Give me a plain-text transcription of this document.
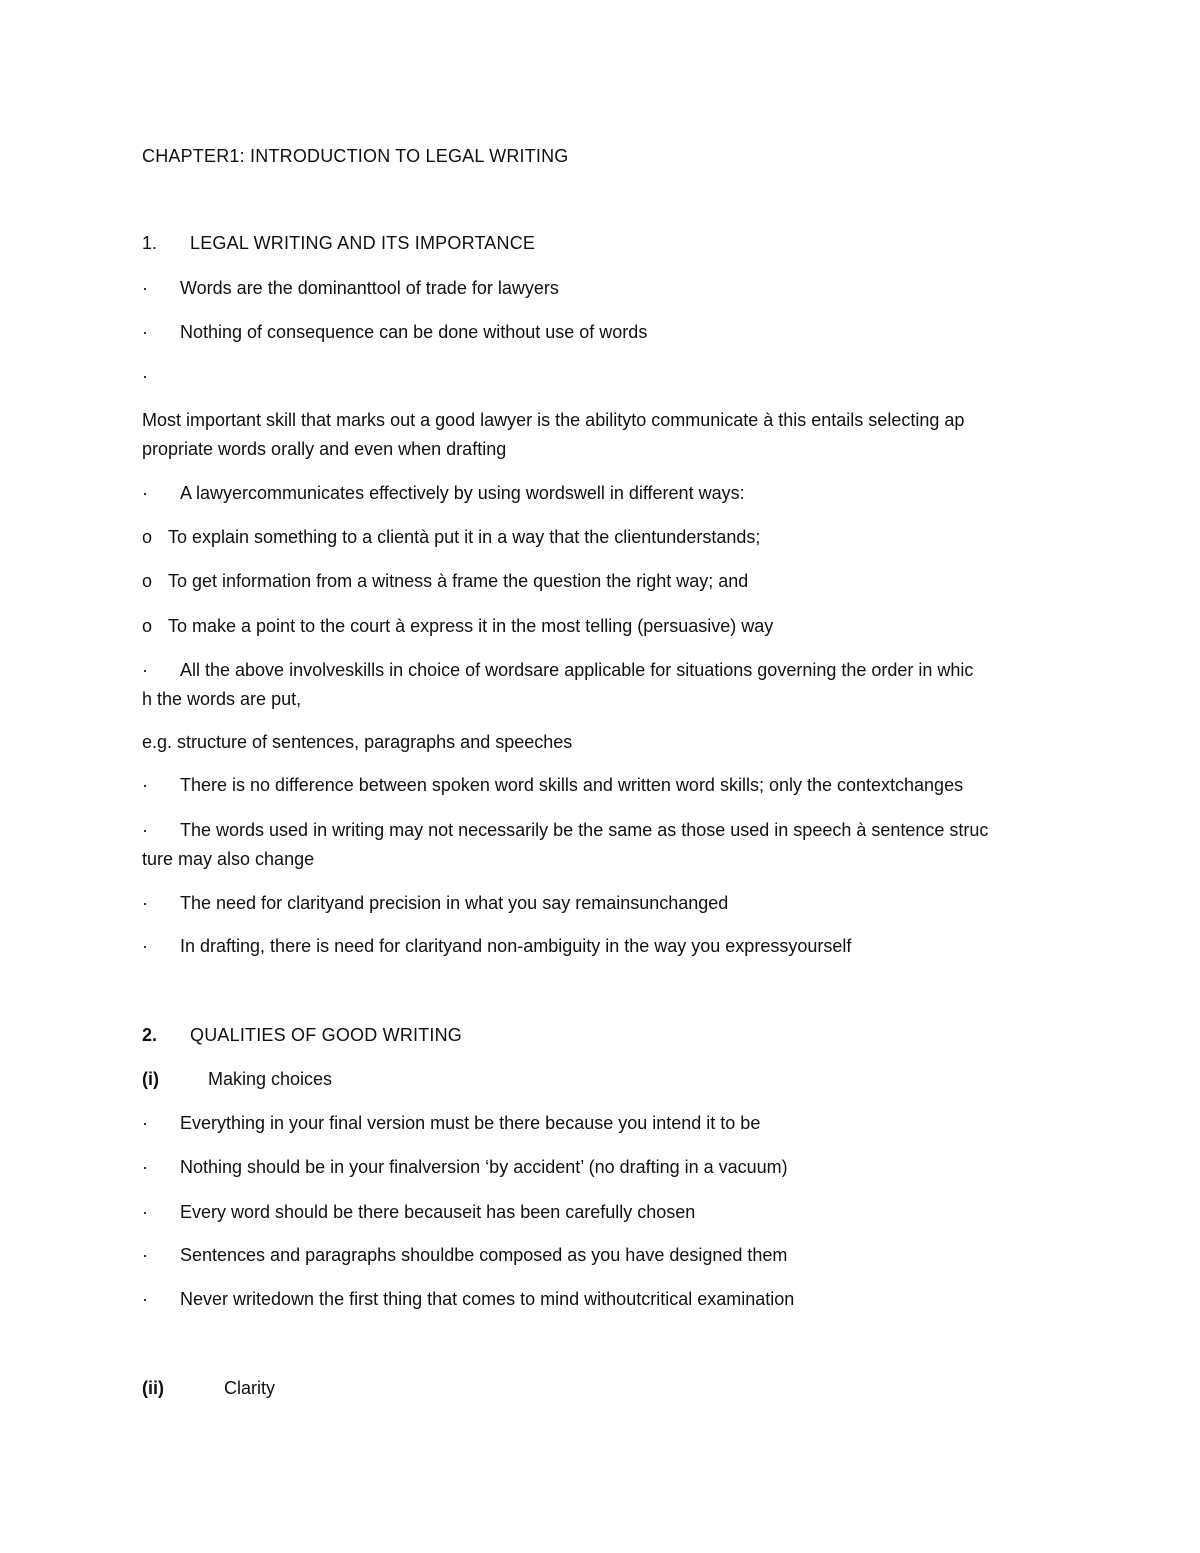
CHAPTER1: INTRODUCTION TO LEGAL WRITING
1. LEGAL WRITING AND ITS IMPORTANCE
· Words are the dominanttool of trade for lawyers
· Nothing of consequence can be done without use of words
·
Most important skill that marks out a good lawyer is the abilityto communicate à this entails selecting ap
propriate words orally and even when drafting
· A lawyercommunicates effectively by using wordswell in different ways:
o To explain something to a clientà put it in a way that the clientunderstands;
o To get information from a witness à frame the question the right way; and
o To make a point to the court à express it in the most telling (persuasive) way
· All the above involveskills in choice of wordsare applicable for situations governing the order in whic
h the words are put,
e.g. structure of sentences, paragraphs and speeches
· There is no difference between spoken word skills and written word skills; only the contextchanges
· The words used in writing may not necessarily be the same as those used in speech à sentence struc
ture may also change
· The need for clarityand precision in what you say remainsunchanged
· In drafting, there is need for clarityand non-ambiguity in the way you expressyourself
2. QUALITIES OF GOOD WRITING
(i)	Making choices
· Everything in your final version must be there because you intend it to be
· Nothing should be in your finalversion ‘by accident’ (no drafting in a vacuum)
· Every word should be there becauseit has been carefully chosen
· Sentences and paragraphs shouldbe composed as you have designed them
· Never writedown the first thing that comes to mind withoutcritical examination
(ii)	Clarity
